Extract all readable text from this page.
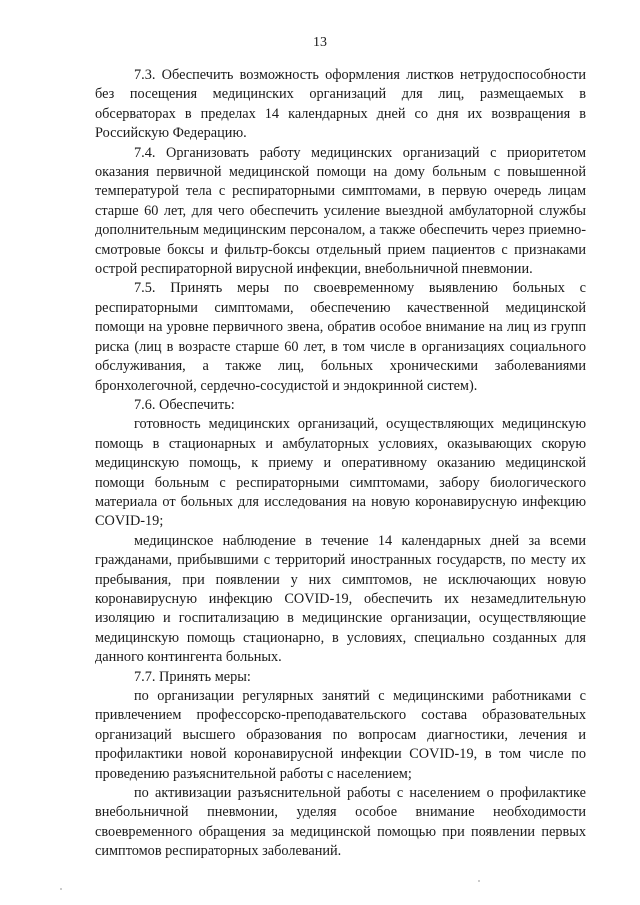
13

7.3. Обеспечить возможность оформления листков нетрудоспособности без посещения медицинских организаций для лиц, размещаемых в обсерваторах в пределах 14 календарных дней со дня их возвращения в Российскую Федерацию.

7.4. Организовать работу медицинских организаций с приоритетом оказания первичной медицинской помощи на дому больным с повышенной температурой тела с респираторными симптомами, в первую очередь лицам старше 60 лет, для чего обеспечить усиление выездной амбулаторной службы дополнительным медицинским персоналом, а также обеспечить через приемно-смотровые боксы и фильтр-боксы отдельный прием пациентов с признаками острой респираторной вирусной инфекции, внебольничной пневмонии.

7.5. Принять меры по своевременному выявлению больных с респираторными симптомами, обеспечению качественной медицинской помощи на уровне первичного звена, обратив особое внимание на лиц из групп риска (лиц в возрасте старше 60 лет, в том числе в организациях социального обслуживания, а также лиц, больных хроническими заболеваниями бронхолегочной, сердечно-сосудистой и эндокринной систем).

7.6. Обеспечить:

готовность медицинских организаций, осуществляющих медицинскую помощь в стационарных и амбулаторных условиях, оказывающих скорую медицинскую помощь, к приему и оперативному оказанию медицинской помощи больным с респираторными симптомами, забору биологического материала от больных для исследования на новую коронавирусную инфекцию COVID-19;

медицинское наблюдение в течение 14 календарных дней за всеми гражданами, прибывшими с территорий иностранных государств, по месту их пребывания, при появлении у них симптомов, не исключающих новую коронавирусную инфекцию COVID-19, обеспечить их незамедлительную изоляцию и госпитализацию в медицинские организации, осуществляющие медицинскую помощь стационарно, в условиях, специально созданных для данного контингента больных.

7.7. Принять меры:

по организации регулярных занятий с медицинскими работниками с привлечением профессорско-преподавательского состава образовательных организаций высшего образования по вопросам диагностики, лечения и профилактики новой коронавирусной инфекции COVID-19, в том числе по проведению разъяснительной работы с населением;

по активизации разъяснительной работы с населением о профилактике внебольничной пневмонии, уделяя особое внимание необходимости своевременного обращения за медицинской помощью при появлении первых симптомов респираторных заболеваний.
